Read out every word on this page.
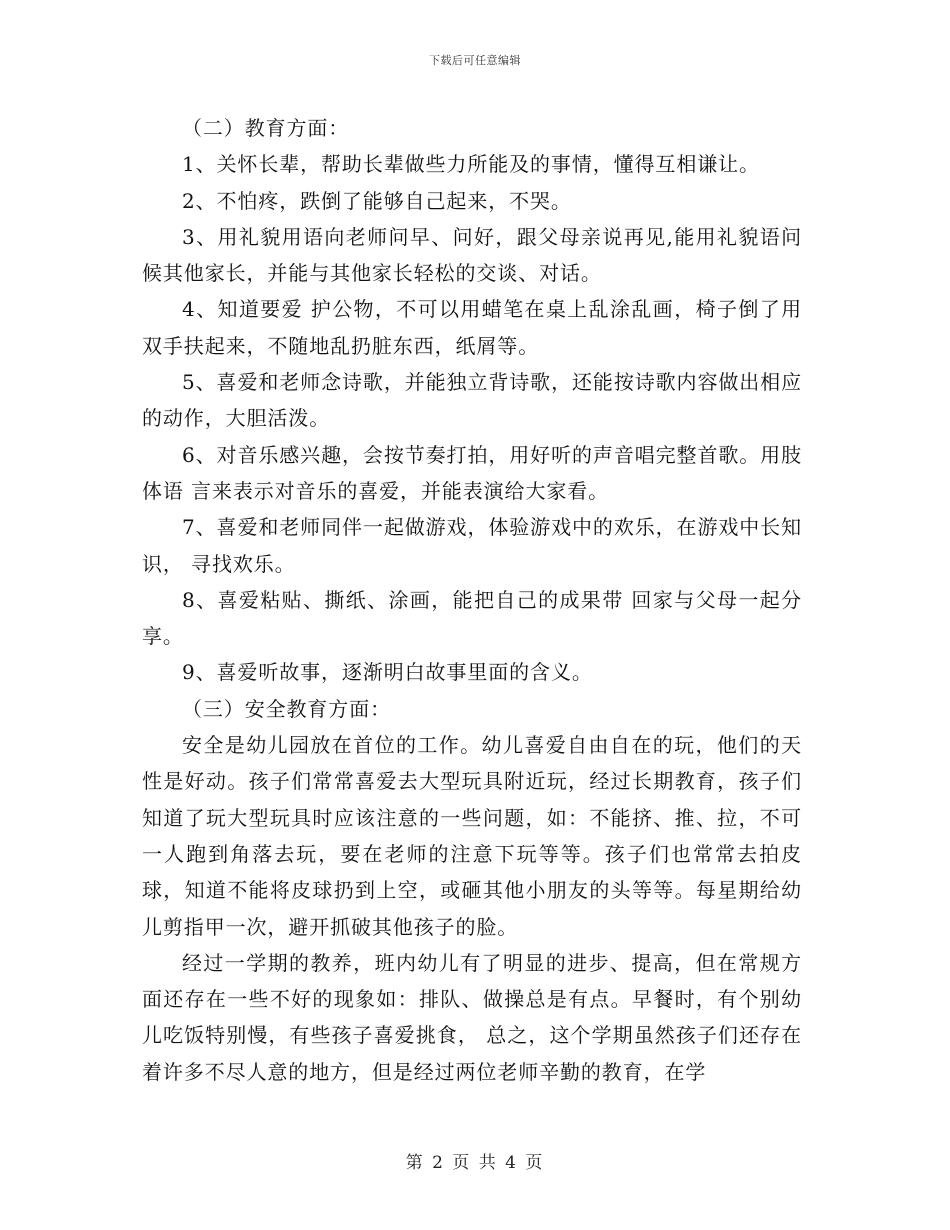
下载后可任意编辑

（二）教育方面：

1、关怀长辈，帮助长辈做些力所能及的事情，懂得互相谦让。

2、不怕疼，跌倒了能够自己起来，不哭。

3、用礼貌用语向老师问早、问好，跟父母亲说再见,能用礼貌语问候其他家长，并能与其他家长轻松的交谈、对话。

4、知道要爱 护公物，不可以用蜡笔在桌上乱涂乱画，椅子倒了用双手扶起来，不随地乱扔脏东西，纸屑等。

5、喜爱和老师念诗歌，并能独立背诗歌，还能按诗歌内容做出相应的动作，大胆活泼。

6、对音乐感兴趣，会按节奏打拍，用好听的声音唱完整首歌。用肢体语 言来表示对音乐的喜爱，并能表演给大家看。

7、喜爱和老师同伴一起做游戏，体验游戏中的欢乐，在游戏中长知识， 寻找欢乐。

8、喜爱粘贴、撕纸、涂画，能把自己的成果带 回家与父母一起分享。

9、喜爱听故事，逐渐明白故事里面的含义。

（三）安全教育方面：

安全是幼儿园放在首位的工作。幼儿喜爱自由自在的玩，他们的天性是好动。孩子们常常喜爱去大型玩具附近玩，经过长期教育，孩子们知道了玩大型玩具时应该注意的一些问题，如：不能挤、推、拉，不可一人跑到角落去玩，要在老师的注意下玩等等。孩子们也常常去拍皮球，知道不能将皮球扔到上空，或砸其他小朋友的头等等。每星期给幼儿剪指甲一次，避开抓破其他孩子的脸。

经过一学期的教养，班内幼儿有了明显的进步、提高，但在常规方面还存在一些不好的现象如：排队、做操总是有点。早餐时，有个别幼儿吃饭特别慢，有些孩子喜爱挑食， 总之，这个学期虽然孩子们还存在着许多不尽人意的地方，但是经过两位老师辛勤的教育，在学

第 2 页 共 4 页
